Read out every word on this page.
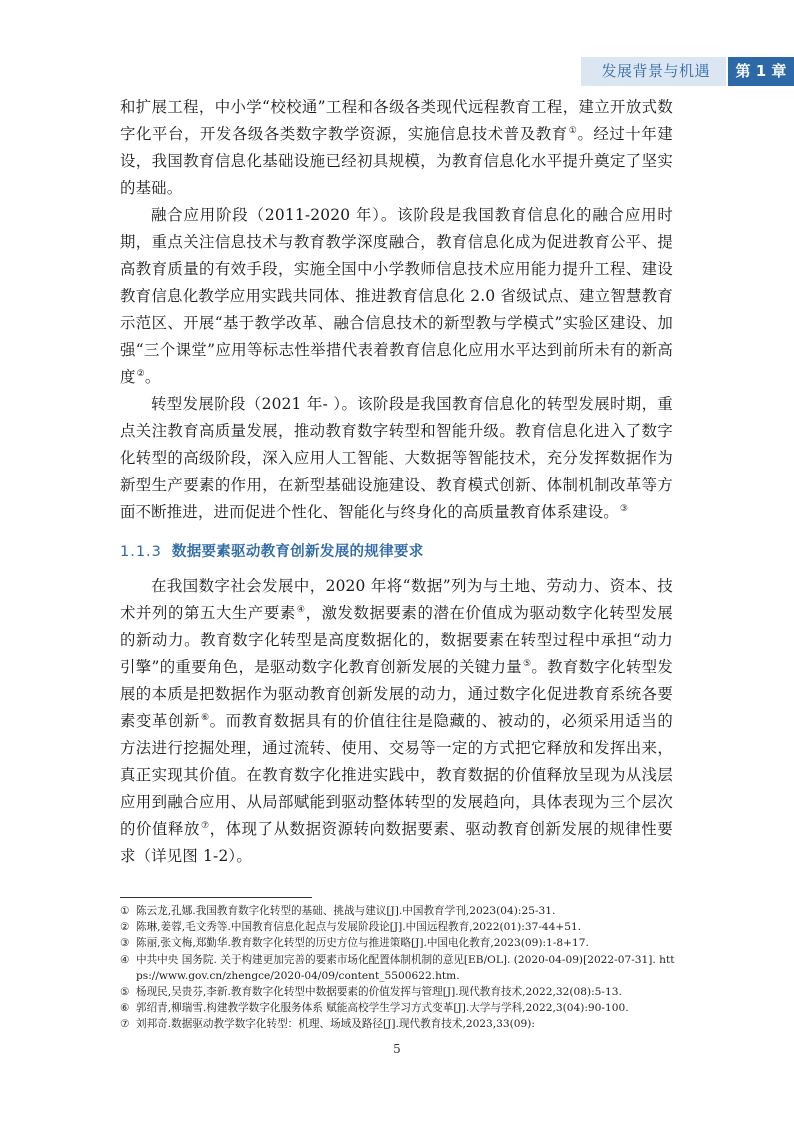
发展背景与机遇	第 1 章

和扩展工程，中小学“校校通”工程和各级各类现代远程教育工程，建立开放式数字化平台，开发各级各类数字教学资源，实施信息技术普及教育①。经过十年建设，我国教育信息化基础设施已经初具规模，为教育信息化水平提升奠定了坚实的基础。

融合应用阶段（2011-2020 年）。该阶段是我国教育信息化的融合应用时期，重点关注信息技术与教育教学深度融合，教育信息化成为促进教育公平、提高教育质量的有效手段，实施全国中小学教师信息技术应用能力提升工程、建设教育信息化教学应用实践共同体、推进教育信息化 2.0 省级试点、建立智慧教育示范区、开展“基于教学改革、融合信息技术的新型教与学模式”实验区建设、加强“三个课堂”应用等标志性举措代表着教育信息化应用水平达到前所未有的新高度②。

转型发展阶段（2021 年- ）。该阶段是我国教育信息化的转型发展时期，重点关注教育高质量发展，推动教育数字转型和智能升级。教育信息化进入了数字化转型的高级阶段，深入应用人工智能、大数据等智能技术，充分发挥数据作为新型生产要素的作用，在新型基础设施建设、教育模式创新、体制机制改革等方面不断推进，进而促进个性化、智能化与终身化的高质量教育体系建设。③

1.1.3 数据要素驱动教育创新发展的规律要求

在我国数字社会发展中，2020 年将“数据”列为与土地、劳动力、资本、技术并列的第五大生产要素④，激发数据要素的潜在价值成为驱动数字化转型发展的新动力。教育数字化转型是高度数据化的，数据要素在转型过程中承担“动力引擎”的重要角色，是驱动数字化教育创新发展的关键力量⑤。教育数字化转型发展的本质是把数据作为驱动教育创新发展的动力，通过数字化促进教育系统各要素变革创新⑥。而教育数据具有的价值往往是隐藏的、被动的，必须采用适当的方法进行挖掘处理，通过流转、使用、交易等一定的方式把它释放和发挥出来，真正实现其价值。在教育数字化推进实践中，教育数据的价值释放呈现为从浅层应用到融合应用、从局部赋能到驱动整体转型的发展趋向，具体表现为三个层次的价值释放⑦，体现了从数据资源转向数据要素、驱动教育创新发展的规律性要求（详见图 1-2）。

① 陈云龙,孔娜.我国教育数字化转型的基础、挑战与建议[J].中国教育学刊,2023(04):25-31.
② 陈琳,姜蓉,毛文秀等.中国教育信息化起点与发展阶段论[J].中国远程教育,2022(01):37-44+51.
③ 陈丽,张文梅,郑勤华.教育数字化转型的历史方位与推进策略[J].中国电化教育,2023(09):1-8+17.
④ 中共中央 国务院. 关于构建更加完善的要素市场化配置体制机制的意见[EB/OL]. (2020-04-09)[2022-07-31]. https://www.gov.cn/zhengce/2020-04/09/content_5500622.htm.
⑤ 杨现民,吴贵芬,李新.教育数字化转型中数据要素的价值发挥与管理[J].现代教育技术,2022,32(08):5-13.
⑥ 郭绍青,柳瑞雪.构建教学数字化服务体系 赋能高校学生学习方式变革[J].大学与学科,2022,3(04):90-100.
⑦ 刘邦奇.数据驱动教学数字化转型：机理、场域及路径[J].现代教育技术,2023,33(09):
5
